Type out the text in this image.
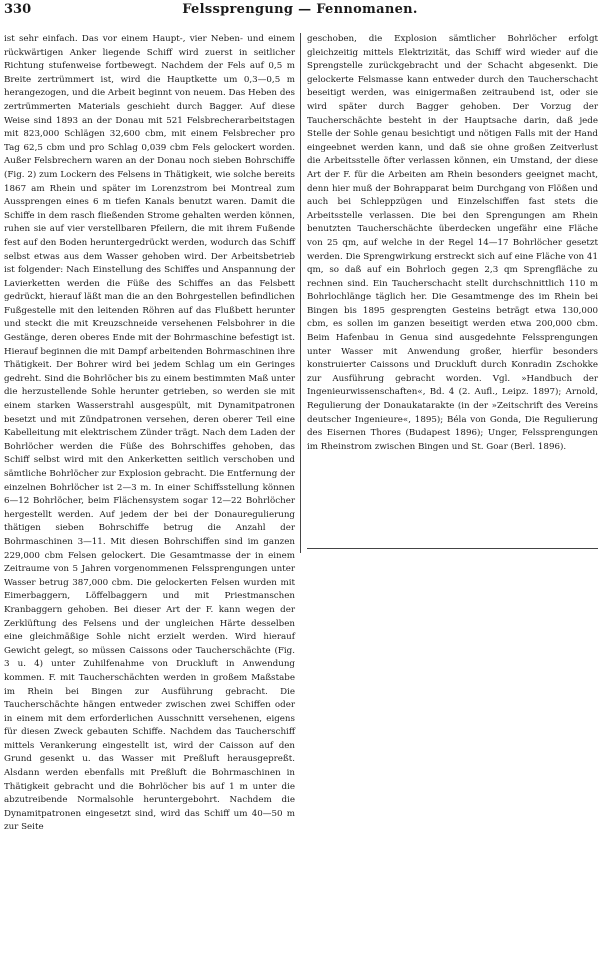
330	Felssprengung — Fennomanen.

ist sehr einfach. Das vor einem Haupt-, vier Neben- und einem rückwärtigen Anker liegende Schiff wird zuerst in seitlicher Richtung stufenweise fortbewegt. Nachdem der Fels auf 0,5 m Breite zertrümmert ist, wird die Hauptkette um 0,3—0,5 m herangezogen, und die Arbeit beginnt von neuem. Das Heben des zertrümmerten Materials geschieht durch Bagger. Auf diese Weise sind 1893 an der Donau mit 521 Felsbrecherarbeitstagen mit 823,000 Schlägen 32,600 cbm, mit einem Felsbrecher pro Tag 62,5 cbm und pro Schlag 0,039 cbm Fels gelockert worden. Außer Felsbrechern waren an der Donau noch sieben Bohrschiffe (Fig. 2) zum Lockern des Felsens in Thätigkeit, wie solche bereits 1867 am Rhein und später im Lorenzstrom bei Montreal zum Aussprengen eines 6 m tiefen Kanals benutzt waren. Damit die Schiffe in dem rasch fließenden Strome gehalten werden können, ruhen sie auf vier verstellbaren Pfeilern, die mit ihrem Fußende fest auf den Boden heruntergedrückt werden, wodurch das Schiff selbst etwas aus dem Wasser gehoben wird. Der Arbeitsbetrieb ist folgender: Nach Einstellung des Schiffes und Anspannung der Lavierketten werden die Füße des Schiffes an das Felsbett gedrückt, hierauf läßt man die an den Bohrgestellen befindlichen Fußgestelle mit den leitenden Röhren auf das Flußbett herunter und steckt die mit Kreuzschneide versehenen Felsbohrer in die Gestänge, deren oberes Ende mit der Bohrmaschine befestigt ist. Hierauf beginnen die mit Dampf arbeitenden Bohrmaschinen ihre Thätigkeit. Der Bohrer wird bei jedem Schlag um ein Geringes gedreht. Sind die Bohrlöcher bis zu einem bestimmten Maß unter die herzustellende Sohle herunter getrieben, so werden sie mit einem starken Wasserstrahl ausgespült, mit Dynamitpatronen besetzt und mit Zündpatronen versehen, deren oberer Teil eine Kabelleitung mit elektrischem Zünder trägt. Nach dem Laden der Bohrlöcher werden die Füße des Bohrschiffes gehoben, das Schiff selbst wird mit den Ankerketten seitlich verschoben und sämtliche Bohrlöcher zur Explosion gebracht. Die Entfernung der einzelnen Bohrlöcher ist 2—3 m. In einer Schiffsstellung können 6—12 Bohrlöcher, beim Flächensystem sogar 12—22 Bohrlöcher hergestellt werden. Auf jedem der bei der Donauregulierung thätigen sieben Bohrschiffe betrug die Anzahl der Bohrmaschinen 3—11. Mit diesen Bohrschiffen sind im ganzen 229,000 cbm Felsen gelockert. Die Gesamtmasse der in einem Zeitraume von 5 Jahren vorgenommenen Felssprengungen unter Wasser betrug 387,000 cbm. Die gelockerten Felsen wurden mit Eimerbaggern, Löffelbaggern und mit Priestmanschen Kranbaggern gehoben. Bei dieser Art der F. kann wegen der Zerklüftung des Felsens und der ungleichen Härte desselben eine gleichmäßige Sohle nicht erzielt werden. Wird hierauf Gewicht gelegt, so müssen Caissons oder Taucherschächte (Fig. 3 u. 4) unter Zuhilfenahme von Druckluft in Anwendung kommen. F. mit Taucherschächten werden in großem Maßstabe im Rhein bei Bingen zur Ausführung gebracht. Die Taucherschächte hängen entweder zwischen zwei Schiffen oder in einem mit dem erforderlichen Ausschnitt versehenen, eigens für diesen Zweck gebauten Schiffe. Nachdem das Taucherschiff mittels Verankerung eingestellt ist, wird der Caisson auf den Grund gesenkt u. das Wasser mit Preßluft herausgepreßt. Alsdann werden ebenfalls mit Preßluft die Bohrmaschinen in Thätigkeit gebracht und die Bohrlöcher bis auf 1 m unter die abzutreibende Normalsohle heruntergebohrt. Nachdem die Dynamitpatronen eingesetzt sind, wird das Schiff um 40—50 m zur Seite

geschoben, die Explosion sämtlicher Bohrlöcher erfolgt gleichzeitig mittels Elektrizität, das Schiff wird wieder auf die Sprengstelle zurückgebracht und der Schacht abgesenkt. Die gelockerte Felsmasse kann entweder durch den Taucherschacht beseitigt werden, was einigermaßen zeitraubend ist, oder sie wird später durch Bagger gehoben. Der Vorzug der Taucherschächte besteht in der Hauptsache darin, daß jede Stelle der Sohle genau besichtigt und nötigen Falls mit der Hand eingeebnet werden kann, und daß sie ohne großen Zeitverlust die Arbeitsstelle öfter verlassen können, ein Umstand, der diese Art der F. für die Arbeiten am Rhein besonders geeignet macht, denn hier muß der Bohrapparat beim Durchgang von Flößen und auch bei Schleppzügen und Einzelschiffen fast stets die Arbeitsstelle verlassen. Die bei den Sprengungen am Rhein benutzten Taucherschächte überdecken ungefähr eine Fläche von 25 qm, auf welche in der Regel 14—17 Bohrlöcher gesetzt werden. Die Sprengwirkung erstreckt sich auf eine Fläche von 41 qm, so daß auf ein Bohrloch gegen 2,3 qm Sprengfläche zu rechnen sind. Ein Taucherschacht stellt durchschnittlich 110 m Bohrlochlänge täglich her. Die Gesamtmenge des im Rhein bei Bingen bis 1895 gesprengten Gesteins beträgt etwa 130,000 cbm, es sollen im ganzen beseitigt werden etwa 200,000 cbm. Beim Hafenbau in Genua sind ausgedehnte Felssprengungen unter Wasser mit Anwendung großer, hierfür besonders konstruierter Caissons und Druckluft durch Konradin Zschokke zur Ausführung gebracht worden. Vgl. »Handbuch der Ingenieurwissenschaften«, Bd. 4 (2. Aufl., Leipz. 1897); Arnold, Regulierung der Donaukatarakte (in der »Zeitschrift des Vereins deutscher Ingenieure«, 1895); Béla von Gonda, Die Regulierung des Eisernen Thores (Budapest 1896); Unger, Felssprengungen im Rheinstrom zwischen Bingen und St. Goar (Berl. 1896).
